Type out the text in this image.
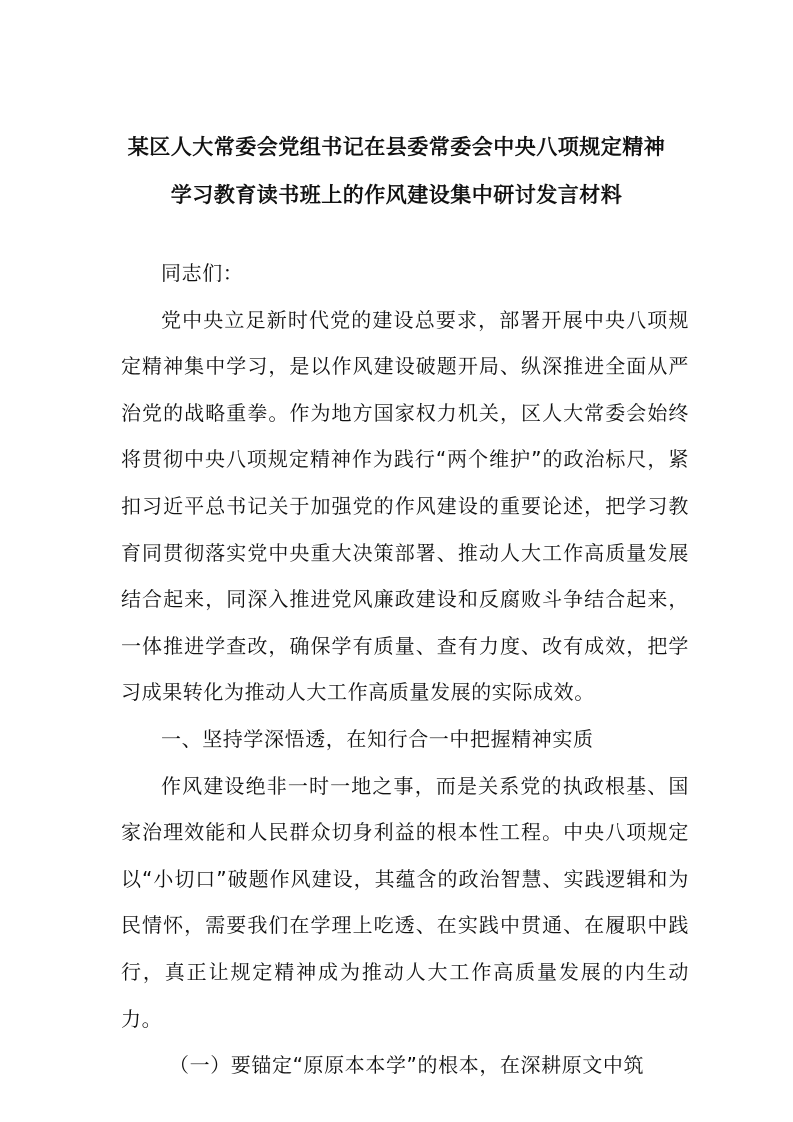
某区人大常委会党组书记在县委常委会中央八项规定精神
学习教育读书班上的作风建设集中研讨发言材料

同志们：

党中央立足新时代党的建设总要求，部署开展中央八项规定精神集中学习，是以作风建设破题开局、纵深推进全面从严治党的战略重拳。作为地方国家权力机关，区人大常委会始终将贯彻中央八项规定精神作为践行“两个维护”的政治标尺，紧扣习近平总书记关于加强党的作风建设的重要论述，把学习教育同贯彻落实党中央重大决策部署、推动人大工作高质量发展结合起来，同深入推进党风廉政建设和反腐败斗争结合起来，一体推进学查改，确保学有质量、查有力度、改有成效，把学习成果转化为推动人大工作高质量发展的实际成效。

一、坚持学深悟透，在知行合一中把握精神实质

作风建设绝非一时一地之事，而是关系党的执政根基、国家治理效能和人民群众切身利益的根本性工程。中央八项规定以“小切口”破题作风建设，其蕴含的政治智慧、实践逻辑和为民情怀，需要我们在学理上吃透、在实践中贯通、在履职中践行，真正让规定精神成为推动人大工作高质量发展的内生动力。

（一）要锚定“原原本本学”的根本，在深耕原文中筑
